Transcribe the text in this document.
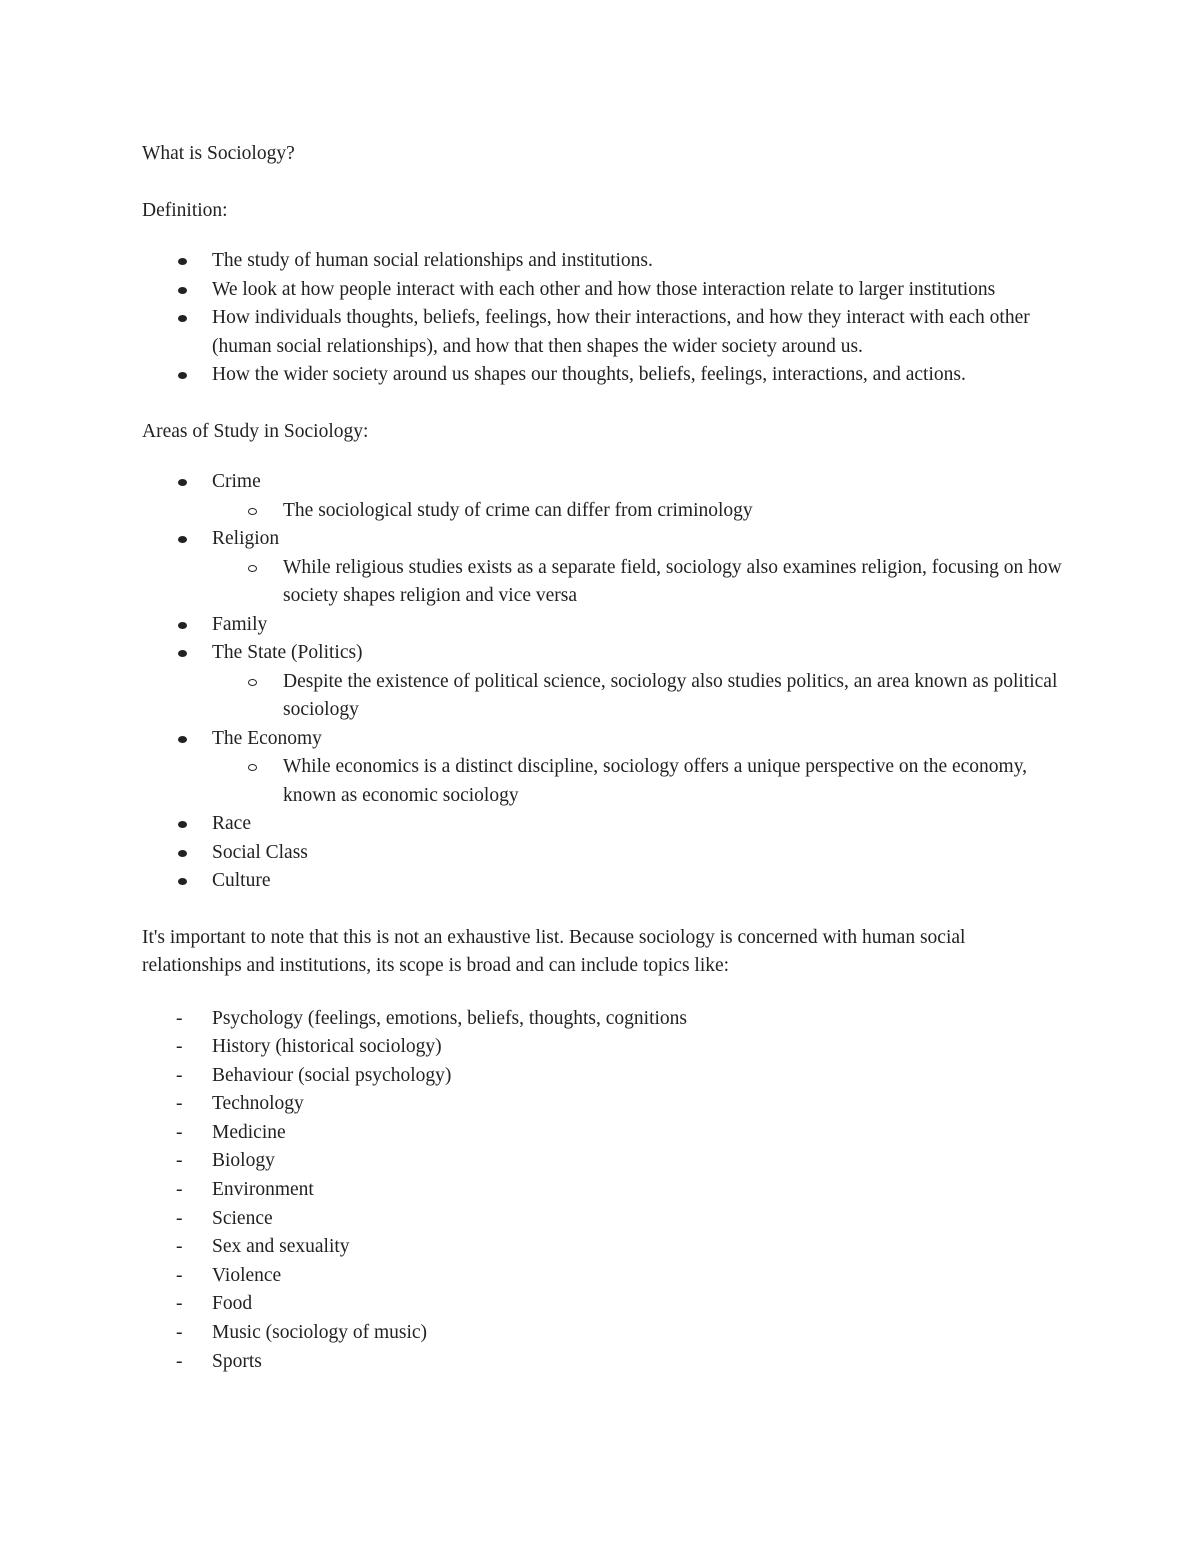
What is Sociology?

Definition:

The study of human social relationships and institutions.
We look at how people interact with each other and how those interaction relate to larger institutions
How individuals thoughts, beliefs, feelings, how their interactions, and how they interact with each other (human social relationships), and how that then shapes the wider society around us.
How the wider society around us shapes our thoughts, beliefs, feelings, interactions, and actions.

Areas of Study in Sociology:

Crime
The sociological study of crime can differ from criminology
Religion
While religious studies exists as a separate field, sociology also examines religion, focusing on how society shapes religion and vice versa
Family
The State (Politics)
Despite the existence of political science, sociology also studies politics, an area known as political sociology
The Economy
While economics is a distinct discipline, sociology offers a unique perspective on the economy, known as economic sociology
Race
Social Class
Culture

It's important to note that this is not an exhaustive list. Because sociology is concerned with human social relationships and institutions, its scope is broad and can include topics like:

- Psychology (feelings, emotions, beliefs, thoughts, cognitions
- History (historical sociology)
- Behaviour (social psychology)
- Technology
- Medicine
- Biology
- Environment
- Science
- Sex and sexuality
- Violence
- Food
- Music (sociology of music)
- Sports
